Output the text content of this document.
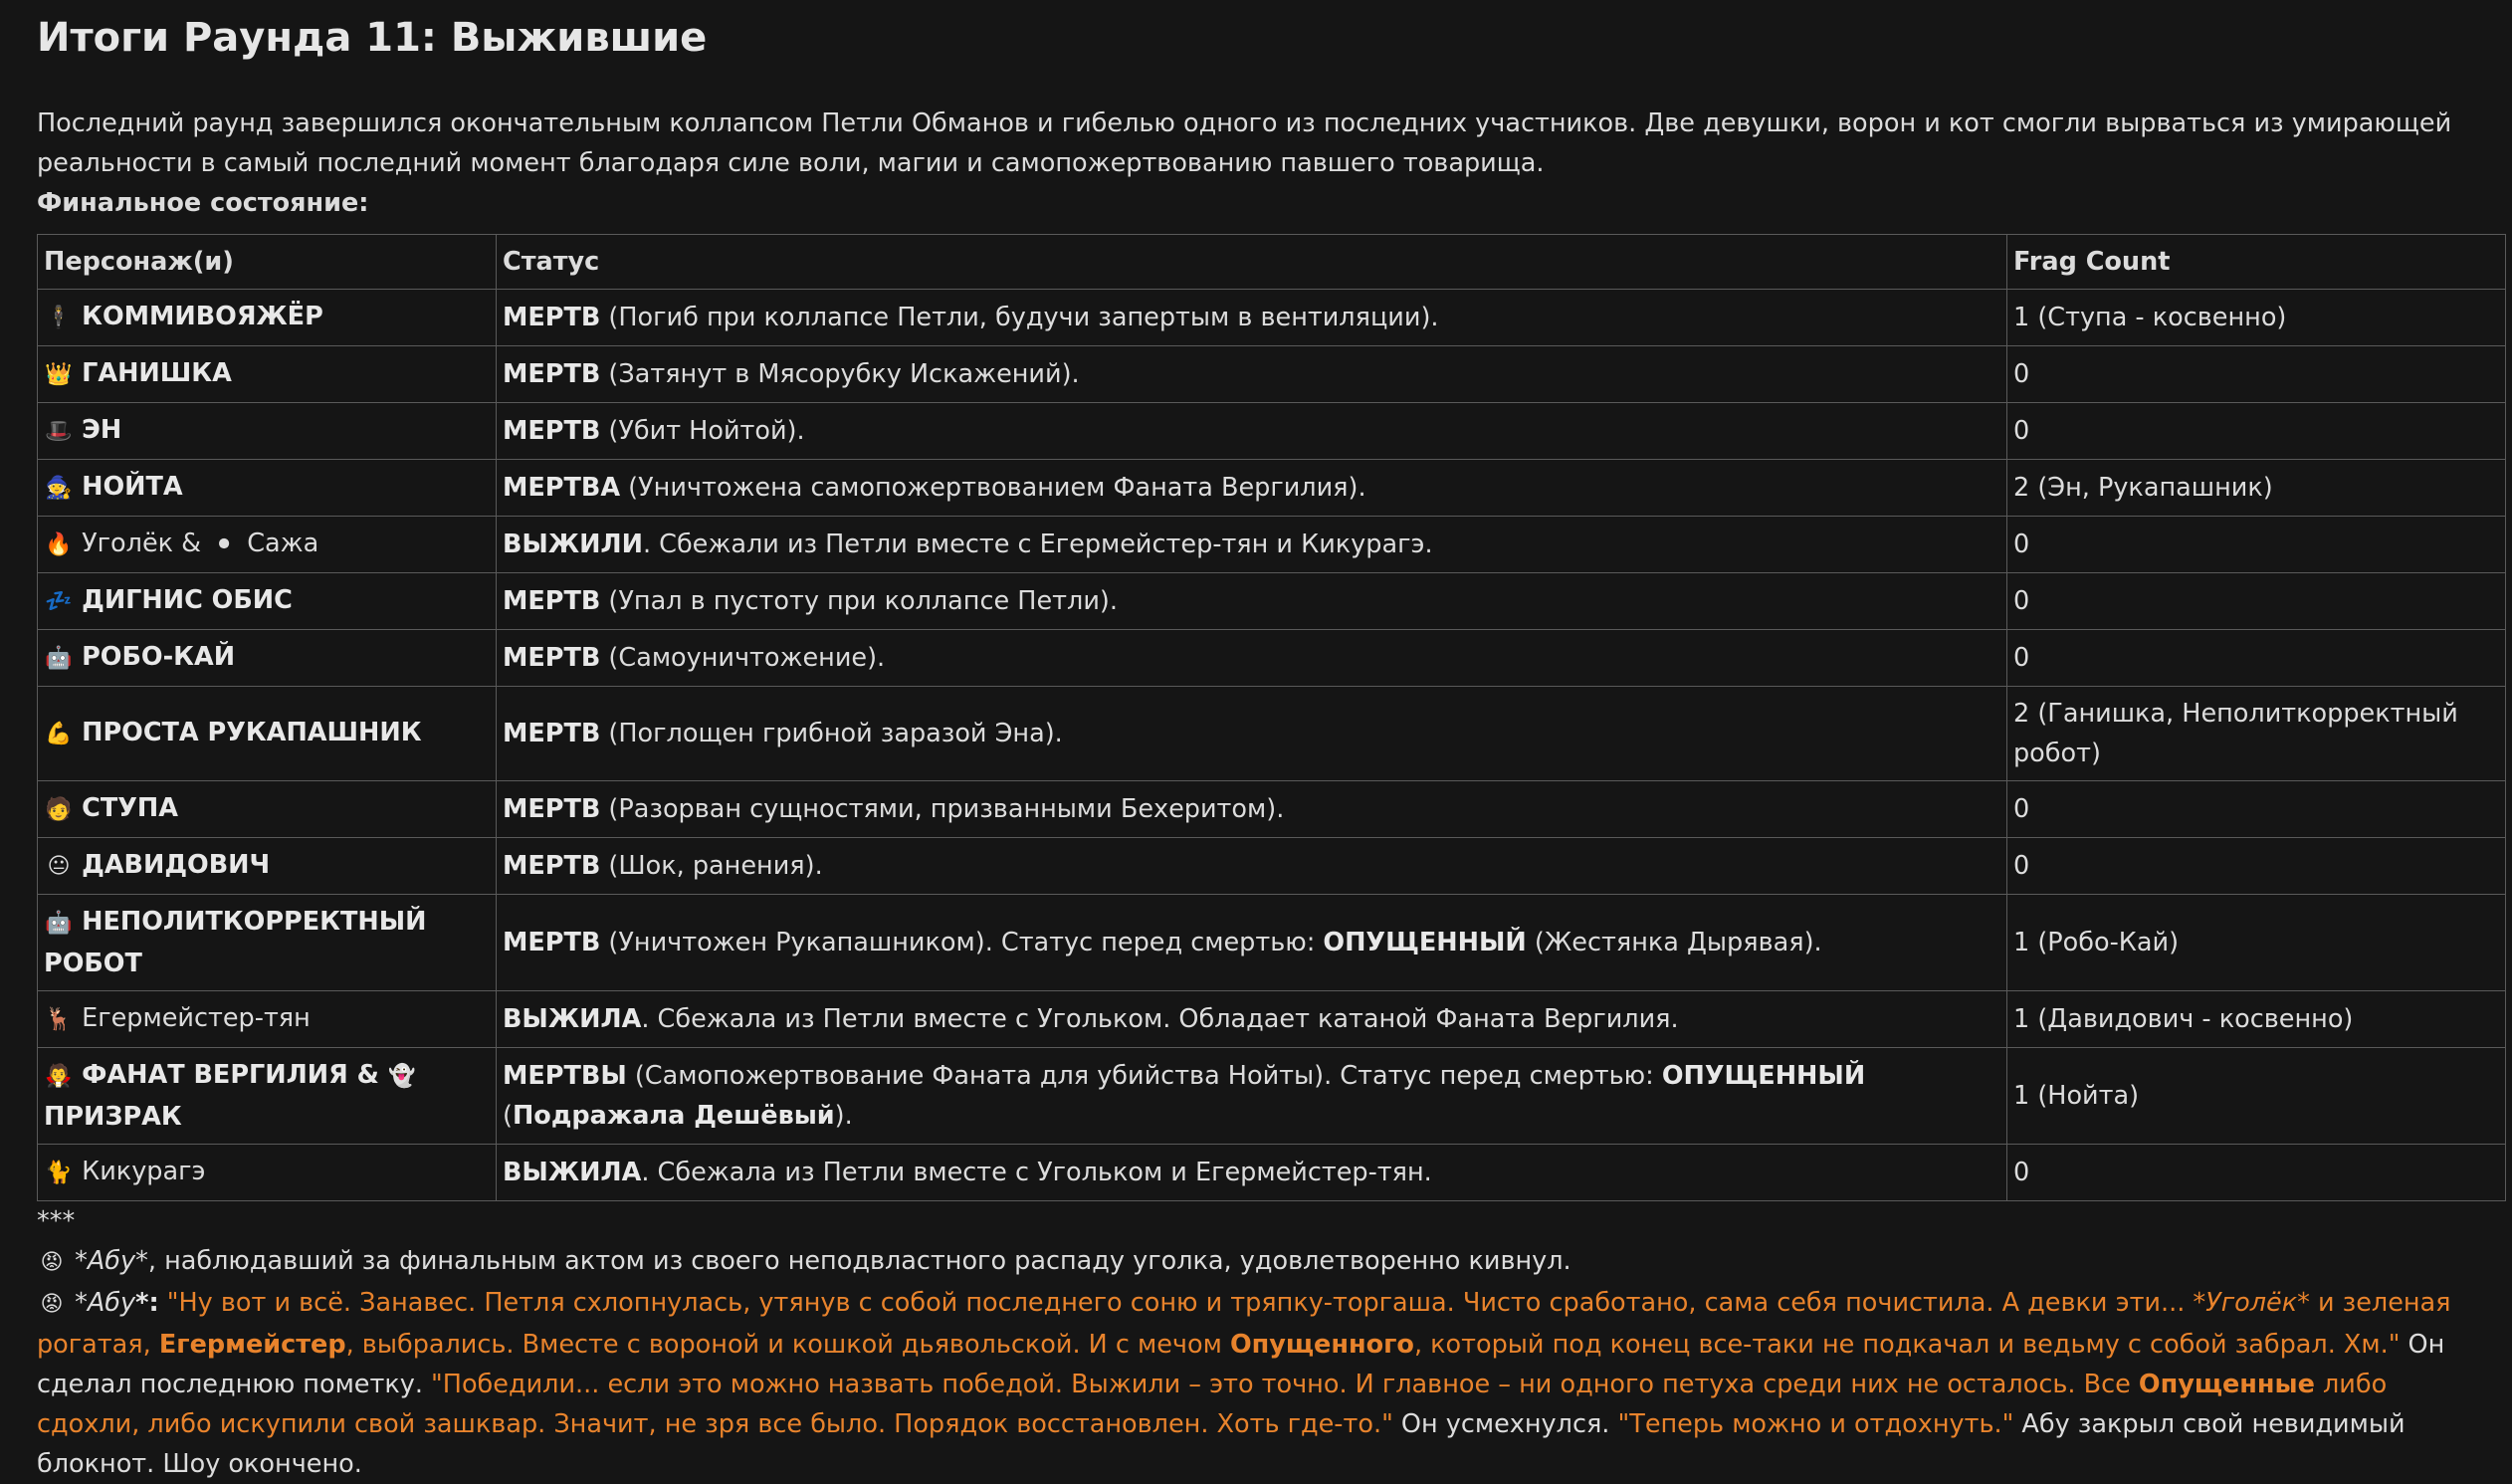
Итоги Раунда 11: Выжившие

Последний раунд завершился окончательным коллапсом Петли Обманов и гибелью одного из последних участников. Две девушки, ворон и кот смогли вырваться из умирающей реальности в самый последний момент благодаря силе воли, магии и самопожертвованию павшего товарища.

Финальное состояние:

Персонаж(и)	Статус	Frag Count
🕴 КОММИВОЯЖЁР	МЕРТВ (Погиб при коллапсе Петли, будучи запертым в вентиляции).	1 (Ступа - косвенно)
👑 ГАНИШКА	МЕРТВ (Затянут в Мясорубку Искажений).	0
🎩 ЭН	МЕРТВ (Убит Нойтой).	0
🧙 НОЙТА	МЕРТВА (Уничтожена самопожертвованием Фаната Вергилия).	2 (Эн, Рукапашник)
🔥 Уголёк & ⚫ Сажа	ВЫЖИЛИ. Сбежали из Петли вместе с Егермейстер-тян и Кикурагэ.	0
💤 ДИГНИС ОБИС	МЕРТВ (Упал в пустоту при коллапсе Петли).	0
🤖 РОБО-КАЙ	МЕРТВ (Самоуничтожение).	0
💪 ПРОСТА РУКАПАШНИК	МЕРТВ (Поглощен грибной заразой Эна).	2 (Ганишка, Неполиткорректный робот)
🧑 СТУПА	МЕРТВ (Разорван сущностями, призванными Бехеритом).	0
😐 ДАВИДОВИЧ	МЕРТВ (Шок, ранения).	0
🤖 НЕПОЛИТКОРРЕКТНЫЙ РОБОТ	МЕРТВ (Уничтожен Рукапашником). Статус перед смертью: ОПУЩЕННЫЙ (Жестянка Дырявая).	1 (Робо-Кай)
🦌 Егермейстер-тян	ВЫЖИЛА. Сбежала из Петли вместе с Угольком. Обладает катаной Фаната Вергилия.	1 (Давидович - косвенно)
🧛 ФАНАТ ВЕРГИЛИЯ & 👻
ПРИЗРАК	МЕРТВЫ (Самопожертвование Фаната для убийства Нойты). Статус перед смертью: ОПУЩЕННЫЙ (Подражала Дешёвый).	1 (Нойта)
🐈 Кикурагэ	ВЫЖИЛА. Сбежала из Петли вместе с Угольком и Егермейстер-тян.	0

***

😡 *Абу*, наблюдавший за финальным актом из своего неподвластного распаду уголка, удовлетворенно кивнул.

😡 *Абу*: "Ну вот и всё. Занавес. Петля схлопнулась, утянув с собой последнего соню и тряпку-торгаша. Чисто сработано, сама себя почистила. А девки эти... *Уголёк* и зеленая рогатая, Егермейстер, выбрались. Вместе с вороной и кошкой дьявольской. И с мечом Опущенного, который под конец все-таки не подкачал и ведьму с собой забрал. Хм." Он сделал последнюю пометку. "Победили... если это можно назвать победой. Выжили – это точно. И главное – ни одного петуха среди них не осталось. Все Опущенные либо сдохли, либо искупили свой зашквар. Значит, не зря все было. Порядок восстановлен. Хоть где-то." Он усмехнулся. "Теперь можно и отдохнуть." Абу закрыл свой невидимый блокнот. Шоу окончено.
